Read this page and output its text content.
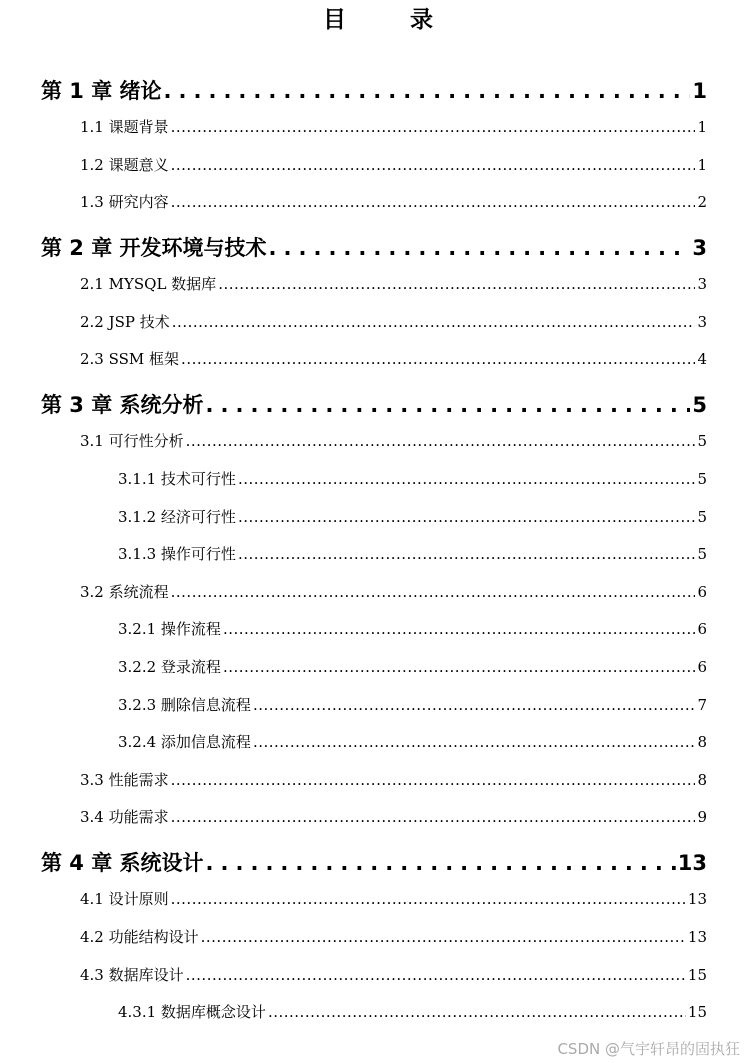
目 录
第 1 章 绪论 .....	1
1.1 课题背景 .....	1
1.2 课题意义 .....	1
1.3 研究内容 .....	2
第 2 章 开发环境与技术 .....	3
2.1 MYSQL 数据库 .....	3
2.2 JSP 技术 .....	3
2.3 SSM 框架 .....	4
第 3 章 系统分析 .....	5
3.1 可行性分析 .....	5
3.1.1 技术可行性 .....	5
3.1.2 经济可行性 .....	5
3.1.3 操作可行性 .....	5
3.2 系统流程 .....	6
3.2.1 操作流程 .....	6
3.2.2 登录流程 .....	6
3.2.3 删除信息流程 .....	7
3.2.4 添加信息流程 .....	8
3.3 性能需求 .....	8
3.4 功能需求 .....	9
第 4 章 系统设计 .....	13
4.1 设计原则 .....	13
4.2 功能结构设计 .....	13
4.3 数据库设计 .....	15
4.3.1 数据库概念设计 .....	15
CSDN @气宇轩昂的固执狂
